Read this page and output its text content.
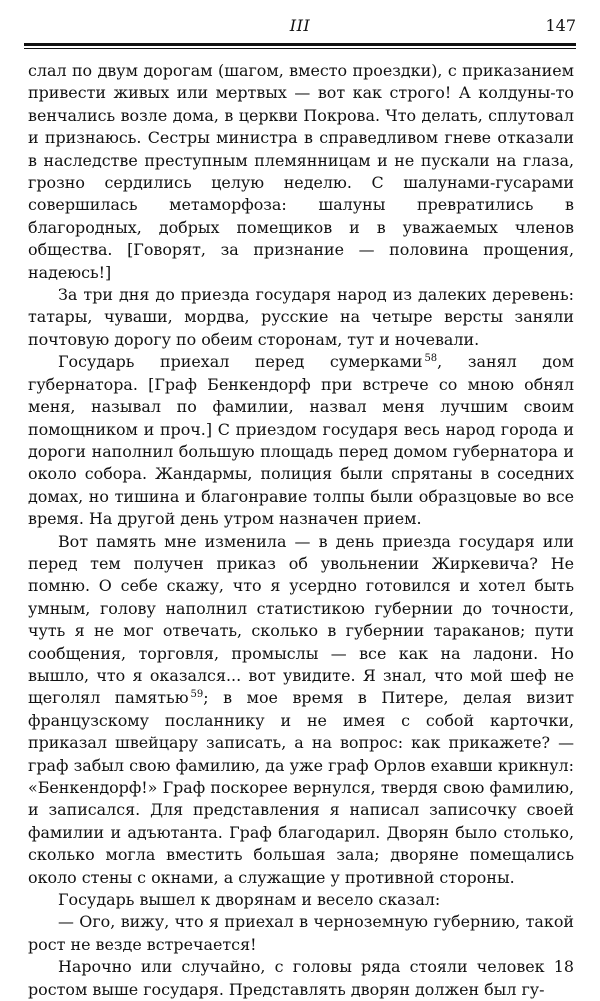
III	147

слал по двум дорогам (шагом, вместо проездки), с приказанием привести живых или мертвых — вот как строго! А колдуны-то венчались возле дома, в церкви Покрова. Что делать, сплутовал и признаюсь. Сестры министра в справедливом гневе отказали в наследстве преступным племянницам и не пускали на глаза, грозно сердились целую неделю. С шалунами-гусарами совершилась метаморфоза: шалуны превратились в благородных, добрых помещиков и в уважаемых членов общества. [Говорят, за признание — половина прощения, надеюсь!]

За три дня до приезда государя народ из далеких деревень: татары, чуваши, мордва, русские на четыре версты заняли почтовую дорогу по обеим сторонам, тут и ночевали.

Государь приехал перед сумерками $^{58}$, занял дом губернатора. [Граф Бенкендорф при встрече со мною обнял меня, называл по фамилии, назвал меня лучшим своим помощником и проч.] С приездом государя весь народ города и дороги наполнил большую площадь перед домом губернатора и около собора. Жандармы, полиция были спрятаны в соседних домах, но тишина и благонравие толпы были образцовые во все время. На другой день утром назначен прием.

Вот память мне изменила — в день приезда государя или перед тем получен приказ об увольнении Жиркевича? Не помню. О себе скажу, что я усердно готовился и хотел быть умным, голову наполнил статистикою губернии до точности, чуть я не мог отвечать, сколько в губернии тараканов; пути сообщения, торговля, промыслы — все как на ладони. Но вышло, что я оказался... вот увидите. Я знал, что мой шеф не щеголял памятью $^{59}$; в мое время в Питере, делая визит французскому посланнику и не имея с собой карточки, приказал швейцару записать, а на вопрос: как прикажете? — граф забыл свою фамилию, да уже граф Орлов exавши крикнул: «Бенкендорф!» Граф поскорее вернулся, твердя свою фамилию, и записался. Для представления я написал записочку своей фамилии и адъютанта. Граф благодарил. Дворян было столько, сколько могла вместить большая зала; дворяне помещались около стены с окнами, а служащие у противной стороны.

Государь вышел к дворянам и весело сказал:

— Ого, вижу, что я приехал в черноземную губернию, такой рост не везде встречается!

Нарочно или случайно, с головы ряда стояли человек 18 ростом выше государя. Представлять дворян должен был гу-
